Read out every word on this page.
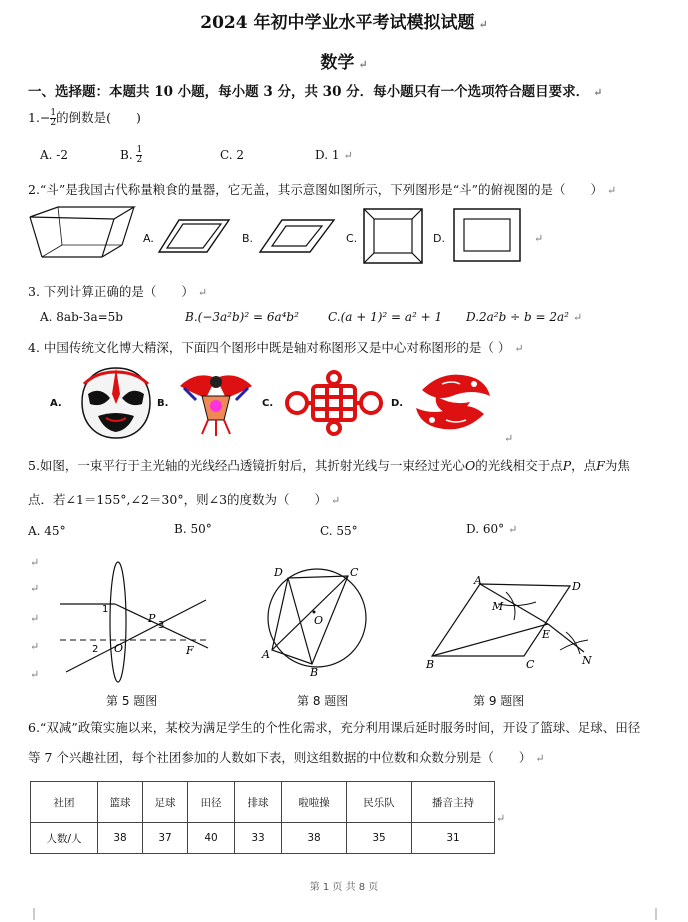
2024 年初中学业水平考试模拟试题 ↵
数学 ↵
一、选择题：本题共 10 小题，每小题 3 分，共 30 分．每小题只有一个选项符合题目要求． ↵
$1.- \frac{1}{2}$ 的倒数是(　　)
A. -2	B. $\frac{1}{2}$	C. 2	D. 1 ↵
2.“斗”是我国古代称量粮食的量器，它无盖，其示意图如图所示，下列图形是“斗”的俯视图的是（　　） ↵
A.	B.	C.	D.	↵
3. 下列计算正确的是（　　） ↵
A. 8ab-3a=5b	B.(−3a²b)² = 6a⁴b² C.(a + 1)² = a² + 1 D.2a²b ÷ b = 2a² ↵
4. 中国传统文化博大精深，下面四个图形中既是轴对称图形又是中心对称图形的是（ ） ↵
A.	B.	C.	D.
↵
5.如图，一束平行于主光轴的光线经凸透镜折射后，其折射光线与一束经过光心O的光线相交于点P，点F为焦
点．若∠1＝155°,∠2＝30°，则∠3的度数为（　　） ↵
A. 45°	B. 50°	C. 55°	D. 60° ↵
↵
↵
↵
↵
↵
1
2
3
O
P
F
第 5 题图
D	C
O
A
B
第 8 题图
A	D
M
E
B	C	N
第 9 题图
6.“双减”政策实施以来，某校为满足学生的个性化需求，充分利用课后延时服务时间，开设了篮球、足球、田径
等 7 个兴趣社团，每个社团参加的人数如下表，则这组数据的中位数和众数分别是（　　） ↵
社团	篮球	足球	田径	排球	啦啦操	民乐队	播音主持
人数/人	38	37	40	33	38	35	31
↵
第 1 页 共 8 页
